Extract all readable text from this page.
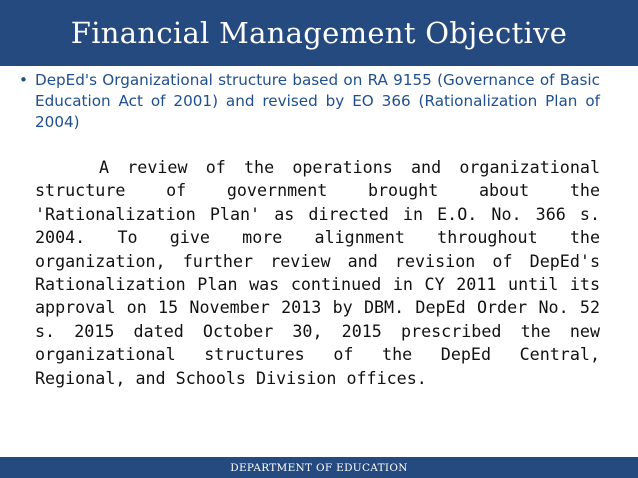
Financial Management Objective
• DepEd's Organizational structure based on RA 9155 (Governance of Basic Education Act of 2001) and revised by EO 366 (Rationalization Plan of 2004)
A review of the operations and organizational structure of government brought about the 'Rationalization Plan' as directed in E.O. No. 366 s. 2004. To give more alignment throughout the organization, further review and revision of DepEd's Rationalization Plan was continued in CY 2011 until its approval on 15 November 2013 by DBM. DepEd Order No. 52 s. 2015 dated October 30, 2015 prescribed the new organizational structures of the DepEd Central, Regional, and Schools Division offices.
DEPARTMENT OF EDUCATION
